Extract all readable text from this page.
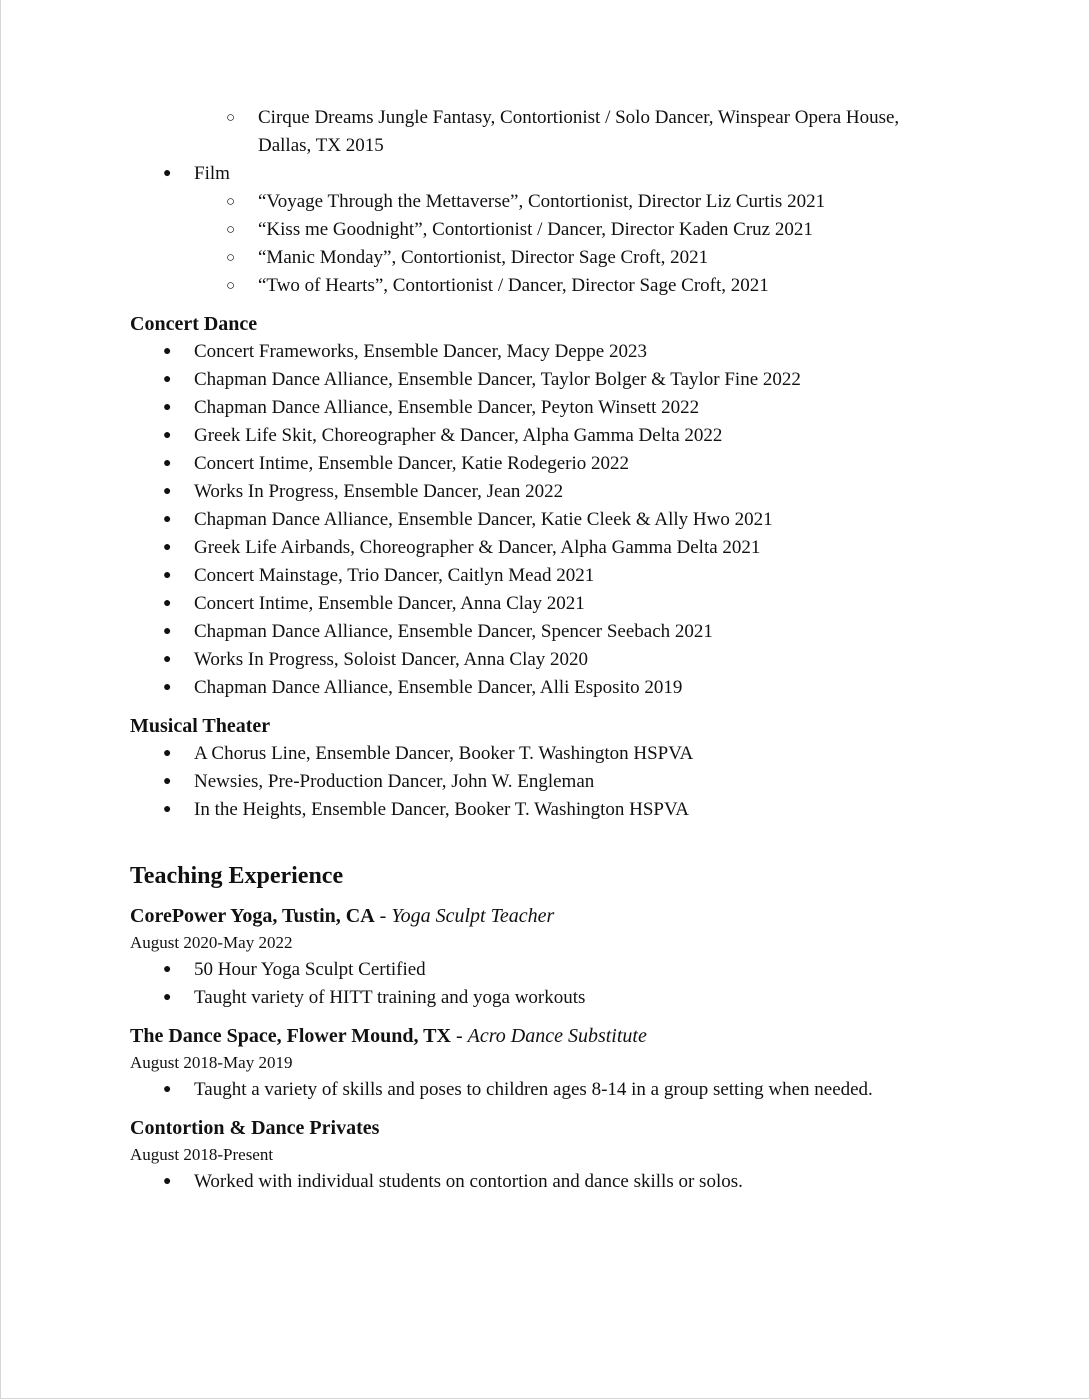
○ Cirque Dreams Jungle Fantasy, Contortionist / Solo Dancer, Winspear Opera House, Dallas, TX 2015
● Film
○ “Voyage Through the Mettaverse”, Contortionist, Director Liz Curtis 2021
○ “Kiss me Goodnight”, Contortionist / Dancer, Director Kaden Cruz 2021
○ “Manic Monday”, Contortionist, Director Sage Croft, 2021
○ “Two of Hearts”, Contortionist / Dancer, Director Sage Croft, 2021
Concert Dance
● Concert Frameworks, Ensemble Dancer, Macy Deppe 2023
● Chapman Dance Alliance, Ensemble Dancer, Taylor Bolger & Taylor Fine 2022
● Chapman Dance Alliance, Ensemble Dancer, Peyton Winsett 2022
● Greek Life Skit, Choreographer & Dancer, Alpha Gamma Delta 2022
● Concert Intime, Ensemble Dancer, Katie Rodegerio 2022
● Works In Progress, Ensemble Dancer, Jean 2022
● Chapman Dance Alliance, Ensemble Dancer, Katie Cleek & Ally Hwo 2021
● Greek Life Airbands, Choreographer & Dancer, Alpha Gamma Delta 2021
● Concert Mainstage, Trio Dancer, Caitlyn Mead 2021
● Concert Intime, Ensemble Dancer, Anna Clay 2021
● Chapman Dance Alliance, Ensemble Dancer, Spencer Seebach 2021
● Works In Progress, Soloist Dancer, Anna Clay 2020
● Chapman Dance Alliance, Ensemble Dancer, Alli Esposito 2019
Musical Theater
● A Chorus Line, Ensemble Dancer, Booker T. Washington HSPVA
● Newsies, Pre-Production Dancer, John W. Engleman
● In the Heights, Ensemble Dancer, Booker T. Washington HSPVA
Teaching Experience

CorePower Yoga, Tustin, CA - Yoga Sculpt Teacher

August 2020-May 2022

● 50 Hour Yoga Sculpt Certified
● Taught variety of HITT training and yoga workouts

The Dance Space, Flower Mound, TX - Acro Dance Substitute

August 2018-May 2019

● Taught a variety of skills and poses to children ages 8-14 in a group setting when needed.

Contortion & Dance Privates

August 2018-Present

● Worked with individual students on contortion and dance skills or solos.
